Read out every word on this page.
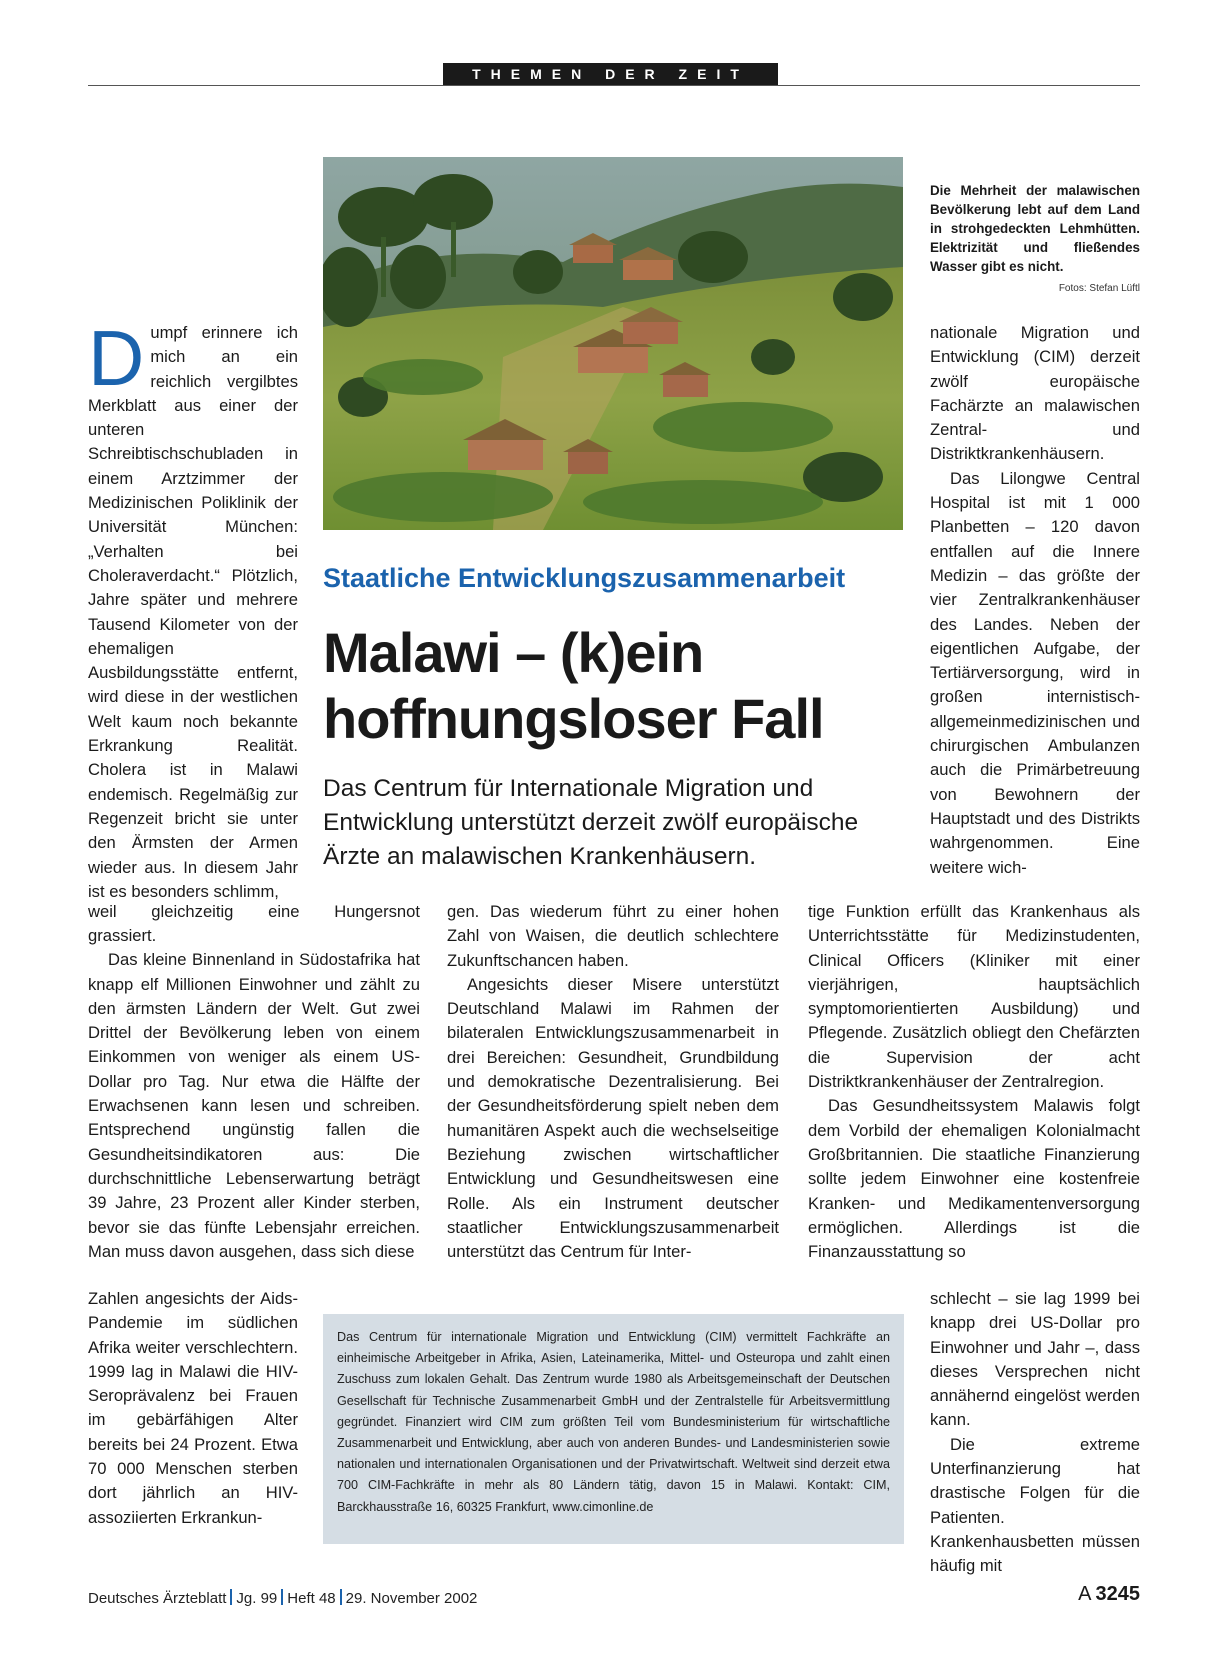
THEMEN DER ZEIT
Die Mehrheit der malawischen Bevölkerung lebt auf dem Land in strohgedeckten Lehmhütten. Elektrizität und fließendes Wasser gibt es nicht.
Fotos: Stefan Lüftl
Staatliche Entwicklungszusammenarbeit
Malawi – (k)ein hoffnungsloser Fall
Das Centrum für Internationale Migration und Entwicklung unterstützt derzeit zwölf europäische Ärzte an malawischen Krankenhäusern.

Dumpf erinnere ich mich an ein reichlich vergilbtes Merkblatt aus einer der unteren Schreibtischschubladen in einem Arztzimmer der Medizinischen Poliklinik der Universität München: „Verhalten bei Choleraverdacht.“ Plötzlich, Jahre später und mehrere Tausend Kilometer von der ehemaligen Ausbildungsstätte entfernt, wird diese in der westlichen Welt kaum noch bekannte Erkrankung Realität. Cholera ist in Malawi endemisch. Regelmäßig zur Regenzeit bricht sie unter den Ärmsten der Armen wieder aus. In diesem Jahr ist es besonders schlimm,

weil gleichzeitig eine Hungersnot

grassiert.

Das kleine Binnenland in Südostafrika hat knapp elf Millionen Einwohner und zählt zu den ärmsten Ländern der Welt. Gut zwei Drittel der Bevölkerung leben von einem Einkommen von weniger als einem US-Dollar pro Tag. Nur etwa die Hälfte der Erwachsenen kann lesen und schreiben. Entsprechend ungünstig fallen die Gesundheitsindikatoren aus: Die durchschnittliche Lebenserwartung beträgt 39 Jahre, 23 Prozent aller Kinder sterben, bevor sie das fünfte Lebensjahr erreichen. Man muss davon ausgehen, dass sich diese

Zahlen angesichts der Aids-Pandemie im südlichen Afrika weiter verschlechtern. 1999 lag in Malawi die HIV-Seroprävalenz bei Frauen im gebärfähigen Alter bereits bei 24 Prozent. Etwa 70 000 Menschen sterben dort jährlich an HIV-assoziierten Erkrankun-

gen. Das wiederum führt zu einer hohen Zahl von Waisen, die deutlich schlechtere Zukunftschancen haben.

Angesichts dieser Misere unterstützt Deutschland Malawi im Rahmen der bilateralen Entwicklungszusammenarbeit in drei Bereichen: Gesundheit, Grundbildung und demokratische Dezentralisierung. Bei der Gesundheitsförderung spielt neben dem humanitären Aspekt auch die wechselseitige Beziehung zwischen wirtschaftlicher Entwicklung und Gesundheitswesen eine Rolle. Als ein Instrument deutscher staatlicher Entwicklungszusammenarbeit unterstützt das Centrum für Inter-

nationale Migration und Entwicklung (CIM) derzeit zwölf europäische Fachärzte an malawischen Zentral- und Distriktkrankenhäusern.

Das Lilongwe Central Hospital ist mit 1 000 Planbetten – 120 davon entfallen auf die Innere Medizin – das größte der vier Zentralkrankenhäuser des Landes. Neben der eigentlichen Aufgabe, der Tertiärversorgung, wird in großen internistisch-allgemeinmedizinischen und chirurgischen Ambulanzen auch die Primärbetreuung von Bewohnern der Hauptstadt und des Distrikts wahrgenommen. Eine weitere wich-

tige Funktion erfüllt das Krankenhaus als Unterrichtsstätte für Medizinstudenten, Clinical Officers (Kliniker mit einer vierjährigen, hauptsächlich symptomorientierten Ausbildung) und Pflegende. Zusätzlich obliegt den Chefärzten die Supervision der acht Distriktkrankenhäuser der Zentralregion.

Das Gesundheitssystem Malawis folgt dem Vorbild der ehemaligen Kolonialmacht Großbritannien. Die staatliche Finanzierung sollte jedem Einwohner eine kostenfreie Kranken- und Medikamentenversorgung ermöglichen. Allerdings ist die Finanzausstattung so

schlecht – sie lag 1999 bei knapp drei US-Dollar pro Einwohner und Jahr –, dass dieses Versprechen nicht annähernd eingelöst werden kann.

Die extreme Unterfinanzierung hat drastische Folgen für die Patienten. Krankenhausbetten müssen häufig mit

Das Centrum für internationale Migration und Entwicklung (CIM) vermittelt Fachkräfte an einheimische Arbeitgeber in Afrika, Asien, Lateinamerika, Mittel- und Osteuropa und zahlt einen Zuschuss zum lokalen Gehalt. Das Zentrum wurde 1980 als Arbeitsgemeinschaft der Deutschen Gesellschaft für Technische Zusammenarbeit GmbH und der Zentralstelle für Arbeitsvermittlung gegründet. Finanziert wird CIM zum größten Teil vom Bundesministerium für wirtschaftliche Zusammenarbeit und Entwicklung, aber auch von anderen Bundes- und Landesministerien sowie nationalen und internationalen Organisationen und der Privatwirtschaft. Weltweit sind derzeit etwa 700 CIM-Fachkräfte in mehr als 80 Ländern tätig, davon 15 in Malawi. Kontakt: CIM, Barckhausstraße 16, 60325 Frankfurt, www.cimonline.de
Deutsches Ärzteblatt Jg. 99 Heft 48 29. November 2002	A  3245
